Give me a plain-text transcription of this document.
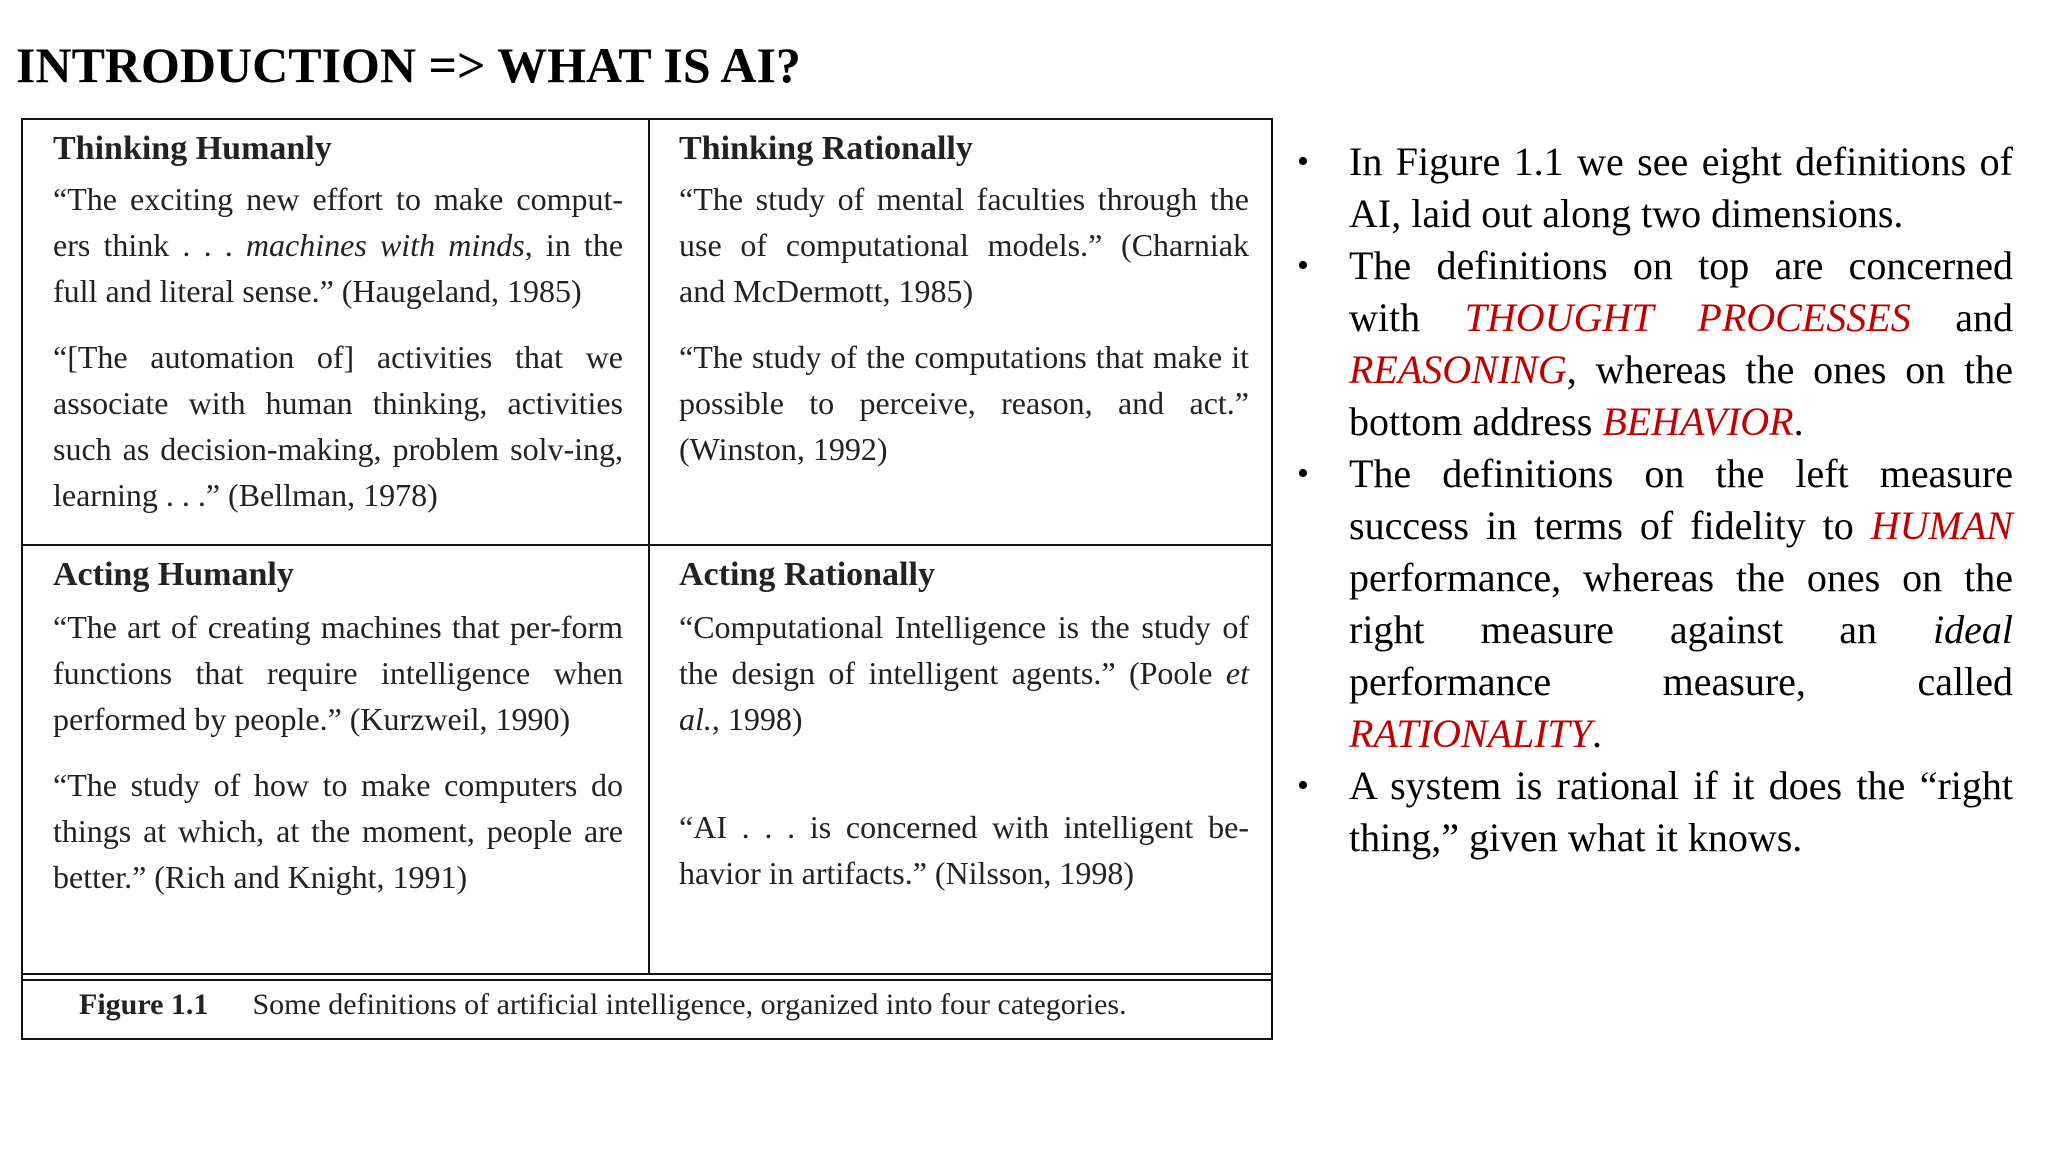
INTRODUCTION => WHAT IS AI?
Thinking Humanly

“The exciting new effort to make comput-ers think . . . machines with minds, in the full and literal sense.” (Haugeland, 1985)

“[The automation of] activities that we associate with human thinking, activities such as decision-making, problem solv-ing, learning . . .” (Bellman, 1978)

Thinking Rationally

“The study of mental faculties through the use of computational models.” (Charniak and McDermott, 1985)

“The study of the computations that make it possible to perceive, reason, and act.” (Winston, 1992)

Acting Humanly

“The art of creating machines that per-form functions that require intelligence when performed by people.” (Kurzweil, 1990)

“The study of how to make computers do things at which, at the moment, people are better.” (Rich and Knight, 1991)

Acting Rationally

“Computational Intelligence is the study of the design of intelligent agents.” (Poole et al., 1998)

“AI . . . is concerned with intelligent be-havior in artifacts.” (Nilsson, 1998)

Figure 1.1 Some definitions of artificial intelligence, organized into four categories.
• In Figure 1.1 we see eight definitions of AI, laid out along two dimensions.
• The definitions on top are concerned with THOUGHT PROCESSES and REASONING, whereas the ones on the bottom address BEHAVIOR.
• The definitions on the left measure success in terms of fidelity to HUMAN performance, whereas the ones on the right measure against an ideal performance measure, called RATIONALITY.
• A system is rational if it does the “right thing,” given what it knows.
